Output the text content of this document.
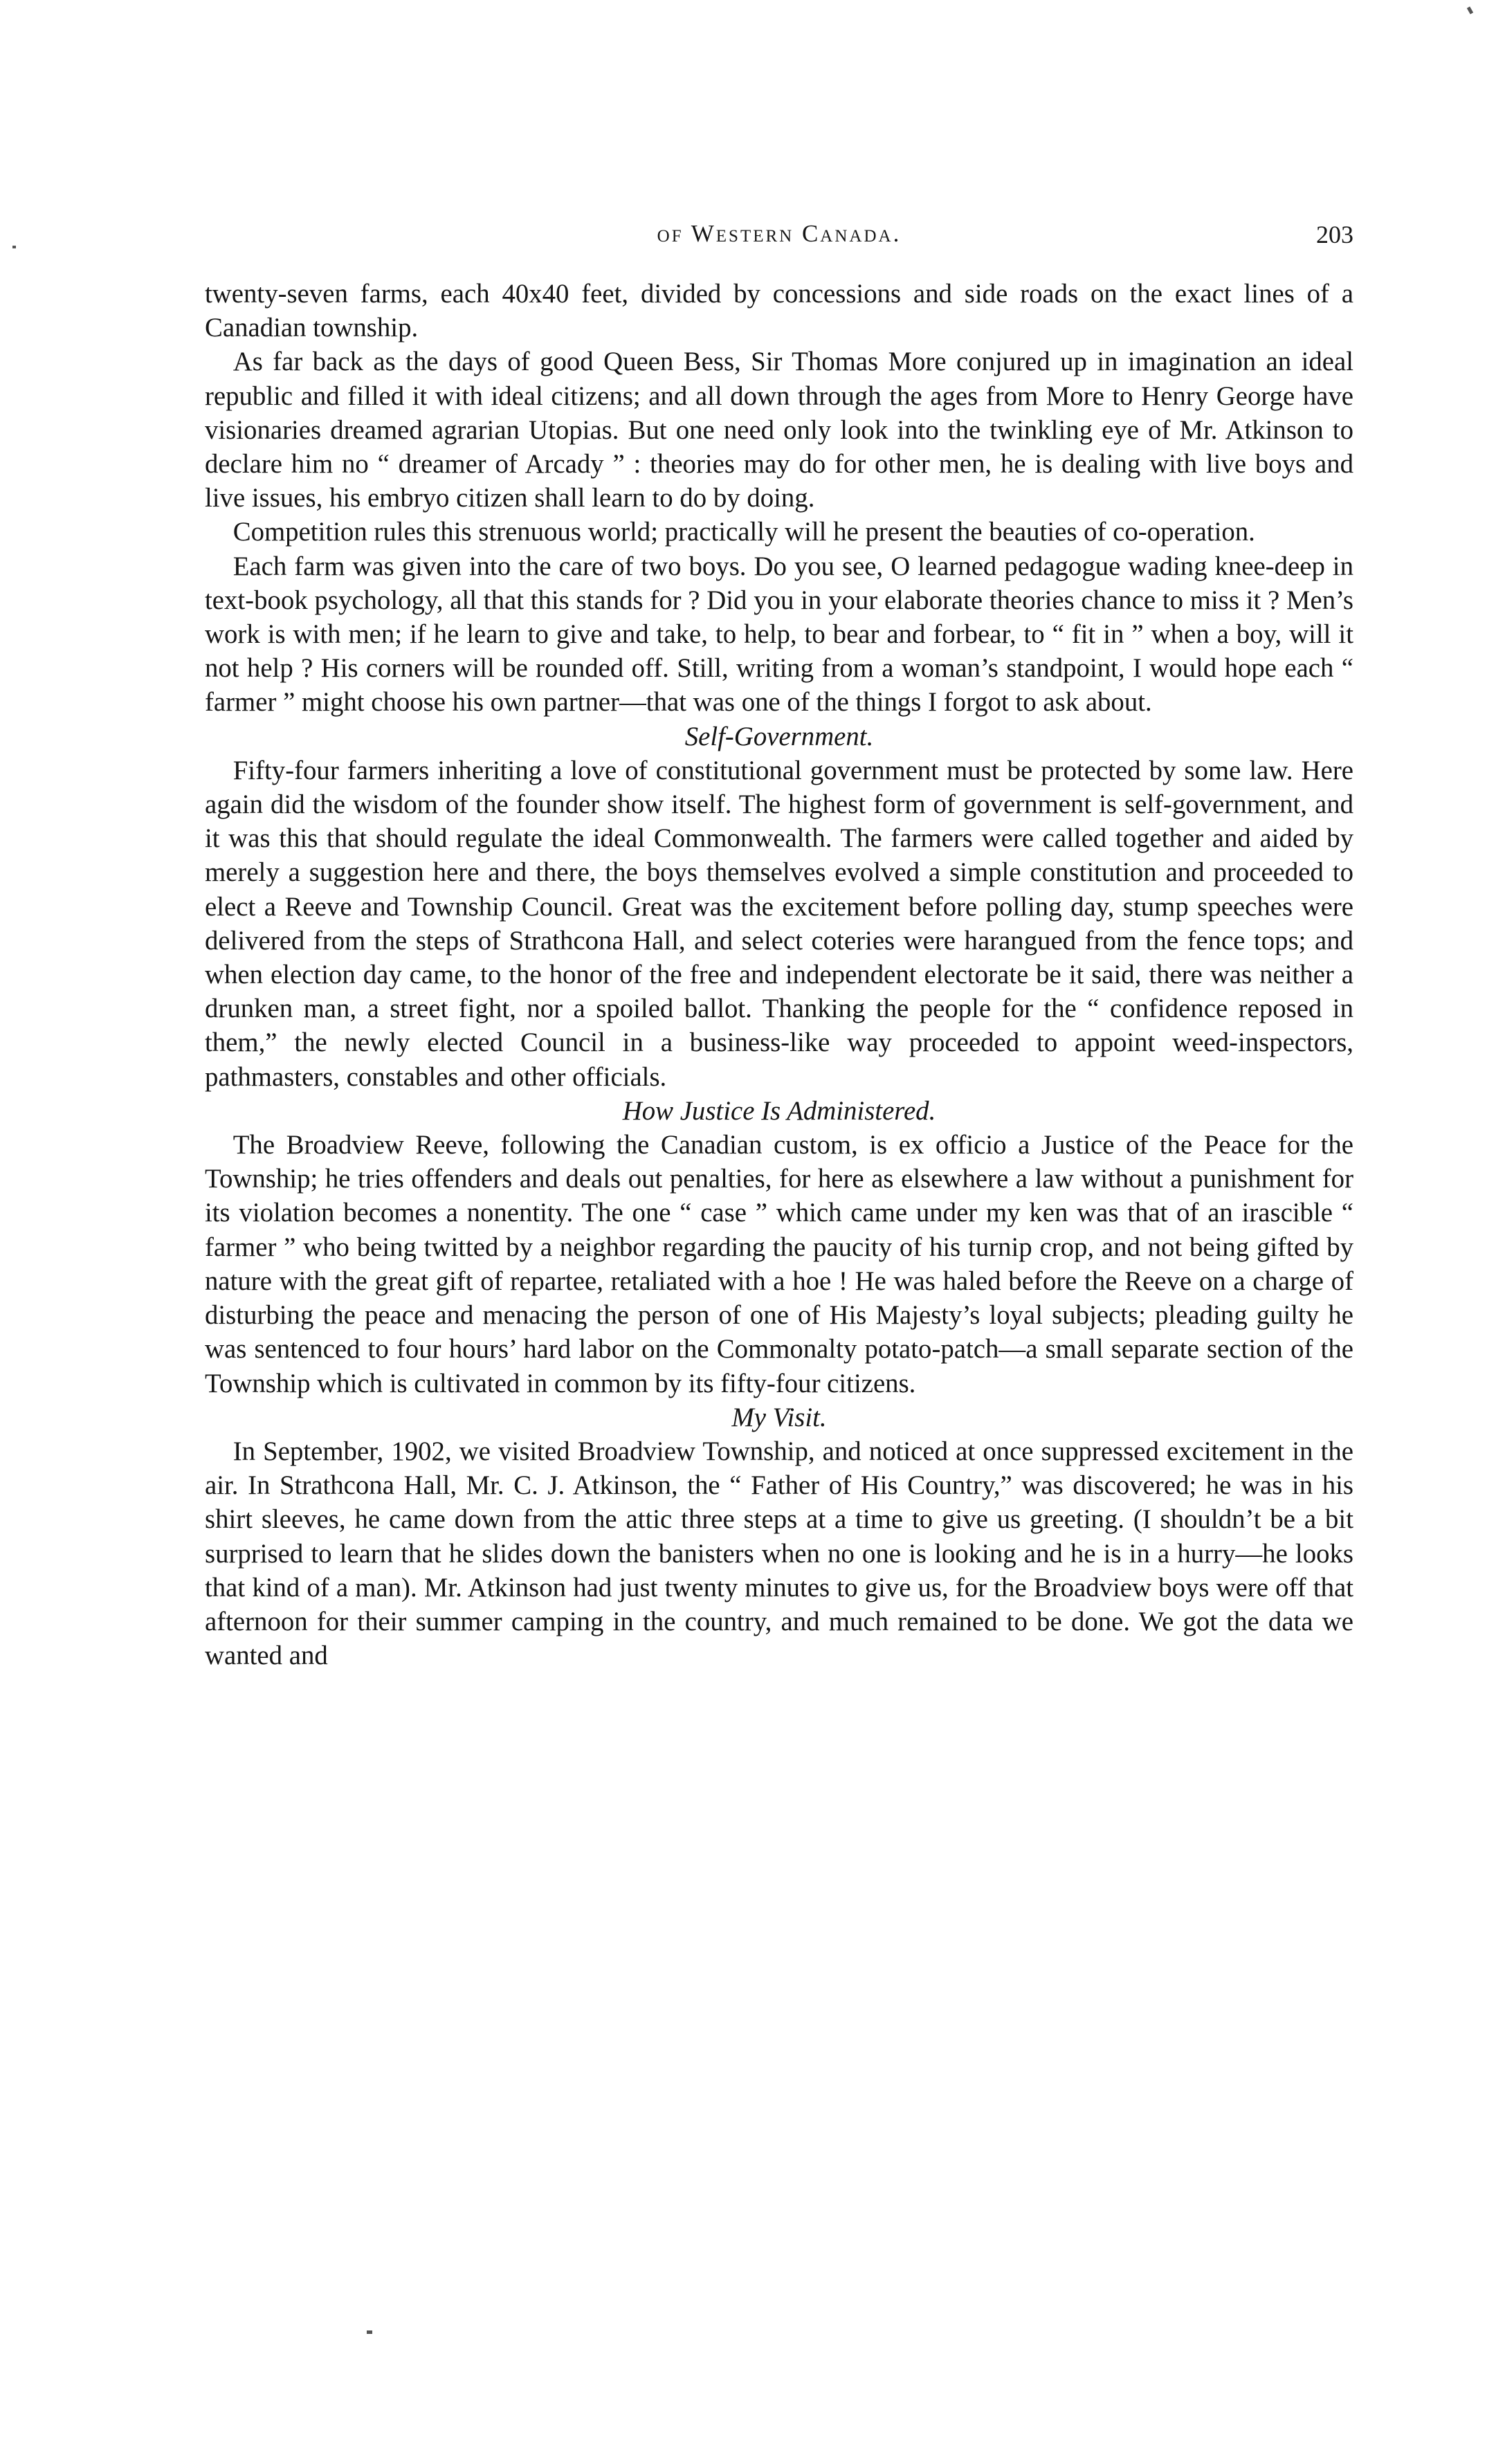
of Western Canada.	203

twenty-seven farms, each 40x40 feet, divided by concessions and side roads on the exact lines of a Canadian township.

As far back as the days of good Queen Bess, Sir Thomas More conjured up in imagination an ideal republic and filled it with ideal citizens; and all down through the ages from More to Henry George have visionaries dreamed agrarian Utopias. But one need only look into the twinkling eye of Mr. Atkinson to declare him no “ dreamer of Arcady ” : theories may do for other men, he is dealing with live boys and live issues, his embryo citizen shall learn to do by doing.

Competition rules this strenuous world; practically will he present the beauties of co-operation.

Each farm was given into the care of two boys. Do you see, O learned pedagogue wading knee-deep in text-book psychology, all that this stands for ? Did you in your elaborate theories chance to miss it ? Men’s work is with men; if he learn to give and take, to help, to bear and forbear, to “ fit in ” when a boy, will it not help ? His corners will be rounded off. Still, writing from a woman’s standpoint, I would hope each “ farmer ” might choose his own partner—that was one of the things I forgot to ask about.

Self-Government.

Fifty-four farmers inheriting a love of constitutional government must be protected by some law. Here again did the wisdom of the founder show itself. The highest form of government is self-government, and it was this that should regulate the ideal Commonwealth. The farmers were called together and aided by merely a suggestion here and there, the boys themselves evolved a simple constitution and proceeded to elect a Reeve and Township Council. Great was the excitement before polling day, stump speeches were delivered from the steps of Strathcona Hall, and select coteries were harangued from the fence tops; and when election day came, to the honor of the free and independent electorate be it said, there was neither a drunken man, a street fight, nor a spoiled ballot. Thanking the people for the “ confidence reposed in them,” the newly elected Council in a business-like way proceeded to appoint weed-inspectors, pathmasters, constables and other officials.

How Justice Is Administered.

The Broadview Reeve, following the Canadian custom, is ex officio a Justice of the Peace for the Township; he tries offenders and deals out penalties, for here as elsewhere a law without a punishment for its violation becomes a nonentity. The one “ case ” which came under my ken was that of an irascible “ farmer ” who being twitted by a neighbor regarding the paucity of his turnip crop, and not being gifted by nature with the great gift of repartee, retaliated with a hoe ! He was haled before the Reeve on a charge of disturbing the peace and menacing the person of one of His Majesty’s loyal subjects; pleading guilty he was sentenced to four hours’ hard labor on the Commonalty potato-patch—a small separate section of the Township which is cultivated in common by its fifty-four citizens.

My Visit.

In September, 1902, we visited Broadview Township, and noticed at once suppressed excitement in the air. In Strathcona Hall, Mr. C. J. Atkinson, the “ Father of His Country,” was discovered; he was in his shirt sleeves, he came down from the attic three steps at a time to give us greeting. (I shouldn’t be a bit surprised to learn that he slides down the banisters when no one is looking and he is in a hurry—he looks that kind of a man). Mr. Atkinson had just twenty minutes to give us, for the Broadview boys were off that afternoon for their summer camping in the country, and much remained to be done. We got the data we wanted and
